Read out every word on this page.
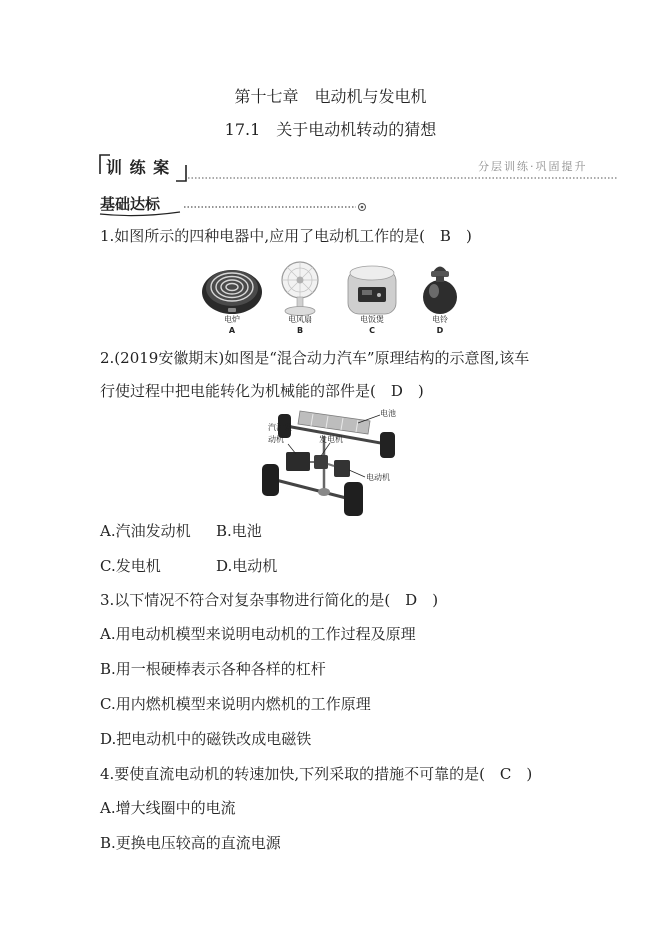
第十七章　电动机与发电机
17.1　关于电动机转动的猜想
训 练 案	分层训练·巩固提升
基础达标
1.如图所示的四种电器中,应用了电动机工作的是(　B　)
电炉
A
电风扇
B
电饭煲
C
电铃
D
2.(2019安徽期末)如图是“混合动力汽车”原理结构的示意图,该车
行使过程中把电能转化为机械能的部件是(　D　)
电池
汽油发
动机	发电机
电动机
A.汽油发动机 B.电池
C.发电机	D.电动机
3.以下情况不符合对复杂事物进行简化的是(　D　)
A.用电动机模型来说明电动机的工作过程及原理
B.用一根硬棒表示各种各样的杠杆
C.用内燃机模型来说明内燃机的工作原理
D.把电动机中的磁铁改成电磁铁
4.要使直流电动机的转速加快,下列采取的措施不可靠的是(　C　)
A.增大线圈中的电流
B.更换电压较高的直流电源
